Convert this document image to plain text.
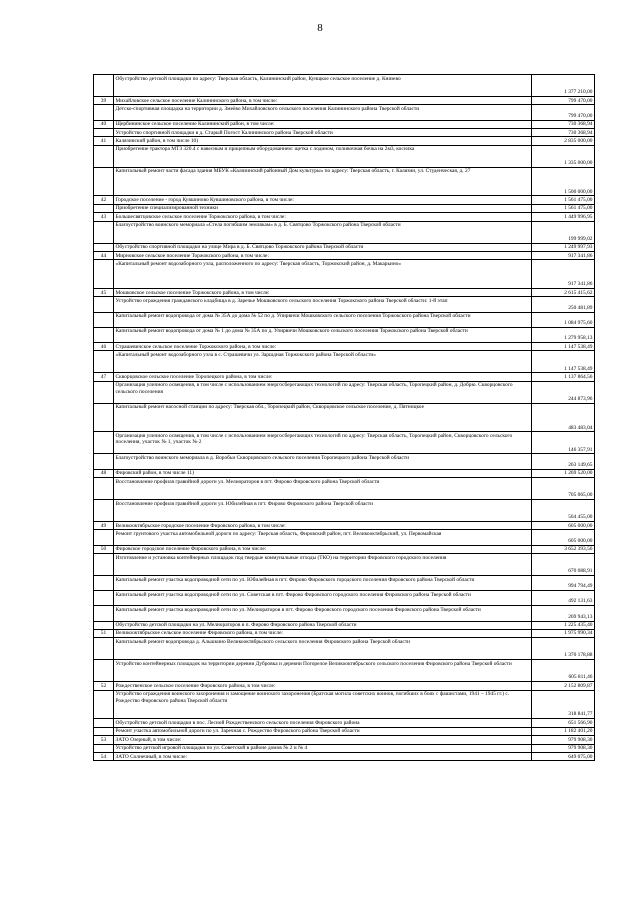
8
	Обустройство детской площадки по адресу: Тверская область, Калининский район, Кунщкое сельское поселение д. Князево	1 377 210,00
39	Михайловское сельское поселение Калининского района, в том числе:	799 470,00
	Детско-спортивная площадка на территории д. Змеёво Михайловского сельского поселения Калининского района Тверской области	799 470,00
40	Щербининское сельское поселение Калининский район, в том числе:	730 368,94
	Устройство спортивной площадки в д. Старый Погост Калининского района Тверской области	730 368,94
41	Калязинский район, в том числе 10)	2 835 000,00
	Приобретение трактора МТЗ 320.4 с навесным и прицепным оборудованием: щетка с лодином, поливочная бочка на 2м3, косилка	1 335 000,00
	Капитальный ремонт части фасада здания МБУК «Калязинский районный Дом культуры» по адресу: Тверская область, г. Калязин, ул. Студенческая, д. 27	1 500 000,00
42	Городское поселение - город Кувшиново Кувшиновского района, в том числе:	1 561 475,00
	Приобретение специализированной техники	1 561 475,00
43	Большесвятцовское сельское поселение Торжокского района, в том числе:	1 449 996,95
	Благоустройство воинского мемориала «Стела погибшим землякам» в д. Б. Святцово Торжокского района Тверской области	199 999,02
	Обустройство спортивной площадки на улице Мира в д. Б. Святцово Торжокского района Тверской области	1 249 997,93
44	Мирновское сельское поселение Торжокского района, в том числе:	917 341,86
	«Капитальный ремонт водозаборного узла, расположенного по адресу: Тверская область, Торжокский район, д. Макарьино»	917 341,86
45	Мошковское сельское поселение Торжокского района, в том числе:	2 615 415,62
	Устройство ограждения гражданского кладбища в д. Заречье Мошковского сельского поселения Торжокского района Тверской области: 1-й этап	250 481,89
	Капитальный ремонт водопровода от дома № 35А до дома № 52 по д. Упирвичи Мошковского сельского поселения Торжокского района Тверской области	1 084 975,60
	Капитальный ремонт водопровода от дома № 1 до дома № 35А по д. Упирвичи Мошковского сельского поселения Торжокского района Тверской области	1 279 958,13
46	Страшевичское сельское поселение Торжокского района, в том числе:	1 147 538,49
	«Капитальный ремонт водозаборного узла в с. Страшевичи ул. Заршдная Торжокского района Тверской области»	1 147 538,49
47	Скворцовское сельское поселение Торопецкого района, в том числе:	1 137 864,56
	Организация уличного освещения, в том числе с использованием энергосберегающих технологий по адресу: Тверская область, Торопецкий район, д. Добрю. Скворцовского сельского поселения	244 873,96
	Капитальный ремонт насосной станции по адресу: Тверская обл., Торопецкий район, Скворцовское сельское поселение, д. Пятницкое	483 483,04
	Организация уличного освещения, в том числе с использованием энергосберегающих технологий по адресу: Тверская область, Торопецкий район, Скворцовского сельского поселения, участок № 1, участок № 2	146 357,91
	Благоустройство воинского мемориала в д. Воробьи Скворцовского сельского поселения Торопецкого района Тверской области	263 149,65
48	Фировский район, в том числе 11)	1 269 520,00
	Восстановление профиля гравийной дороги ул. Мелиораторов в пгт. Фирово Фировского района Тверской области	705 065,00
	Восстановление профиля гравийной дороги ул. Юбилейная в пгт. Фирово Фировского района Тверской области	564 455,00
49	Великооктябрьское городское поселение Фировского района, в том числе:	605 000,00
	Ремонт грунтового участка автомобильной дороги по адресу: Тверская область, Фировский район, пгт. Великооктябрьский, ул. Первомайская	605 000,00
50	Фировское городское поселение Фировского района, в том числе:	3 652 393,56
	Изготовление и установка контейнерных площадок под твердые коммунальные отходы (ТКО) на территории Фировского городского поселения	670 088,91
	Капитальный ремонт участка водопроводной сети по ул. Юбилейная в пгт. Фирово Фировского городского поселения Фировского района Тверской области	994 794,49
	Капитальный ремонт участка водопроводной сети по ул. Советская в пгт. Фирово Фировского городского поселения Фировского района Тверской области	492 131,63
	Капитальный ремонт участка водопроводной сети по ул. Мелиораторов в пгт. Фирово Фировского городского поселения Фировского района Тверской области	269 943,13
	Обустройство детской площадки на ул. Мелиораторов в п. Фирово Фировского района Тверской области	1 225 435,40
51	Великооктябрьское сельское поселение Фировского района, в том числе:	1 975 990,34
	Капитальный ремонт водопровода д. Альшкино Великооктябрьского сельского поселения Фировского района Тверской области	1 370 178,88
	Устройство контейнерных площадок на территории деревни Дубровка и деревни Погорелое Великооктябрьского сельского поселения Фировского района Тверской области	605 811,46
52	Рождественское сельское поселение Фировского района, в том числе:	2 152 809,87
	Устройство ограждения воинского захоронения и замощение воинского захоронения (Братская могила советских воинов, погибших в боях с фашистами, 1941 – 1945 гг.) с. Рождество Фировского района Тверской области	318 841,77
	Обустройство детской площадки в пос. Лесной Рождественского сельского поселения Фировского района	651 566,90
	Ремонт участка автомобильной дороги по ул. Заречная с. Рождество Фировского района Тверской области	1 182 401,20
53	ЗАТО Озерный, в том числе:	979 908,30
	Устройство детской игровой площадки по ул. Советской в районе домов № 2 и № 4	979 908,30
54	ЗАТО Солнечный, в том числе:	649 075,00
